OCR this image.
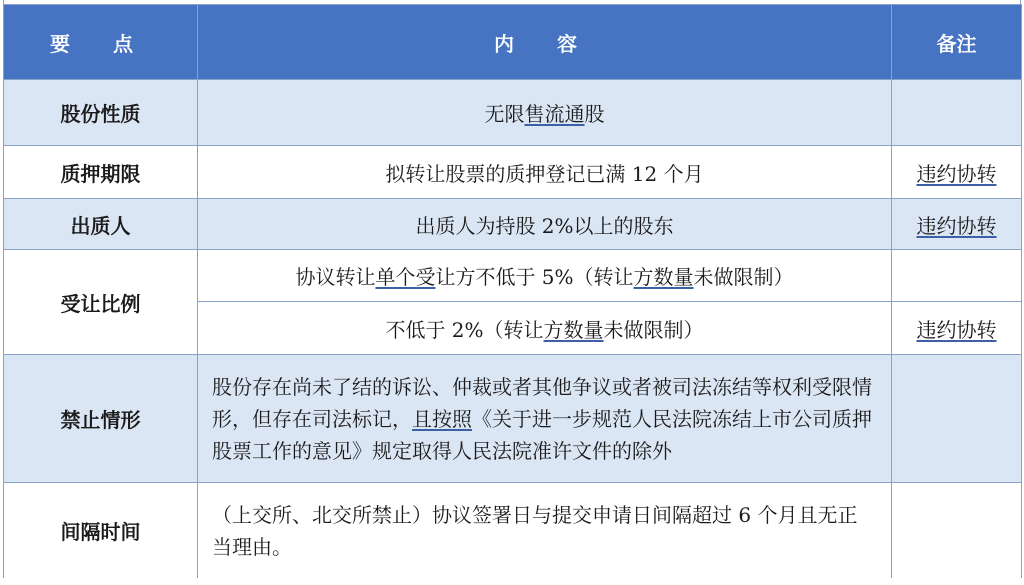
要 点	内 容	备注
股份性质	无限售流通股	
质押期限	拟转让股票的质押登记已满 12 个月	违约协转
出质人	出质人为持股 2%以上的股东	违约协转
受让比例	协议转让单个受让方不低于 5%（转让方数量未做限制）	
	不低于 2%（转让方数量未做限制）	违约协转
禁止情形	股份存在尚未了结的诉讼、仲裁或者其他争议或者被司法冻结等权利受限情形，但存在司法标记，且按照《关于进一步规范人民法院冻结上市公司质押股票工作的意见》规定取得人民法院准许文件的除外	
间隔时间	（上交所、北交所禁止）协议签署日与提交申请日间隔超过 6 个月且无正当理由。	
